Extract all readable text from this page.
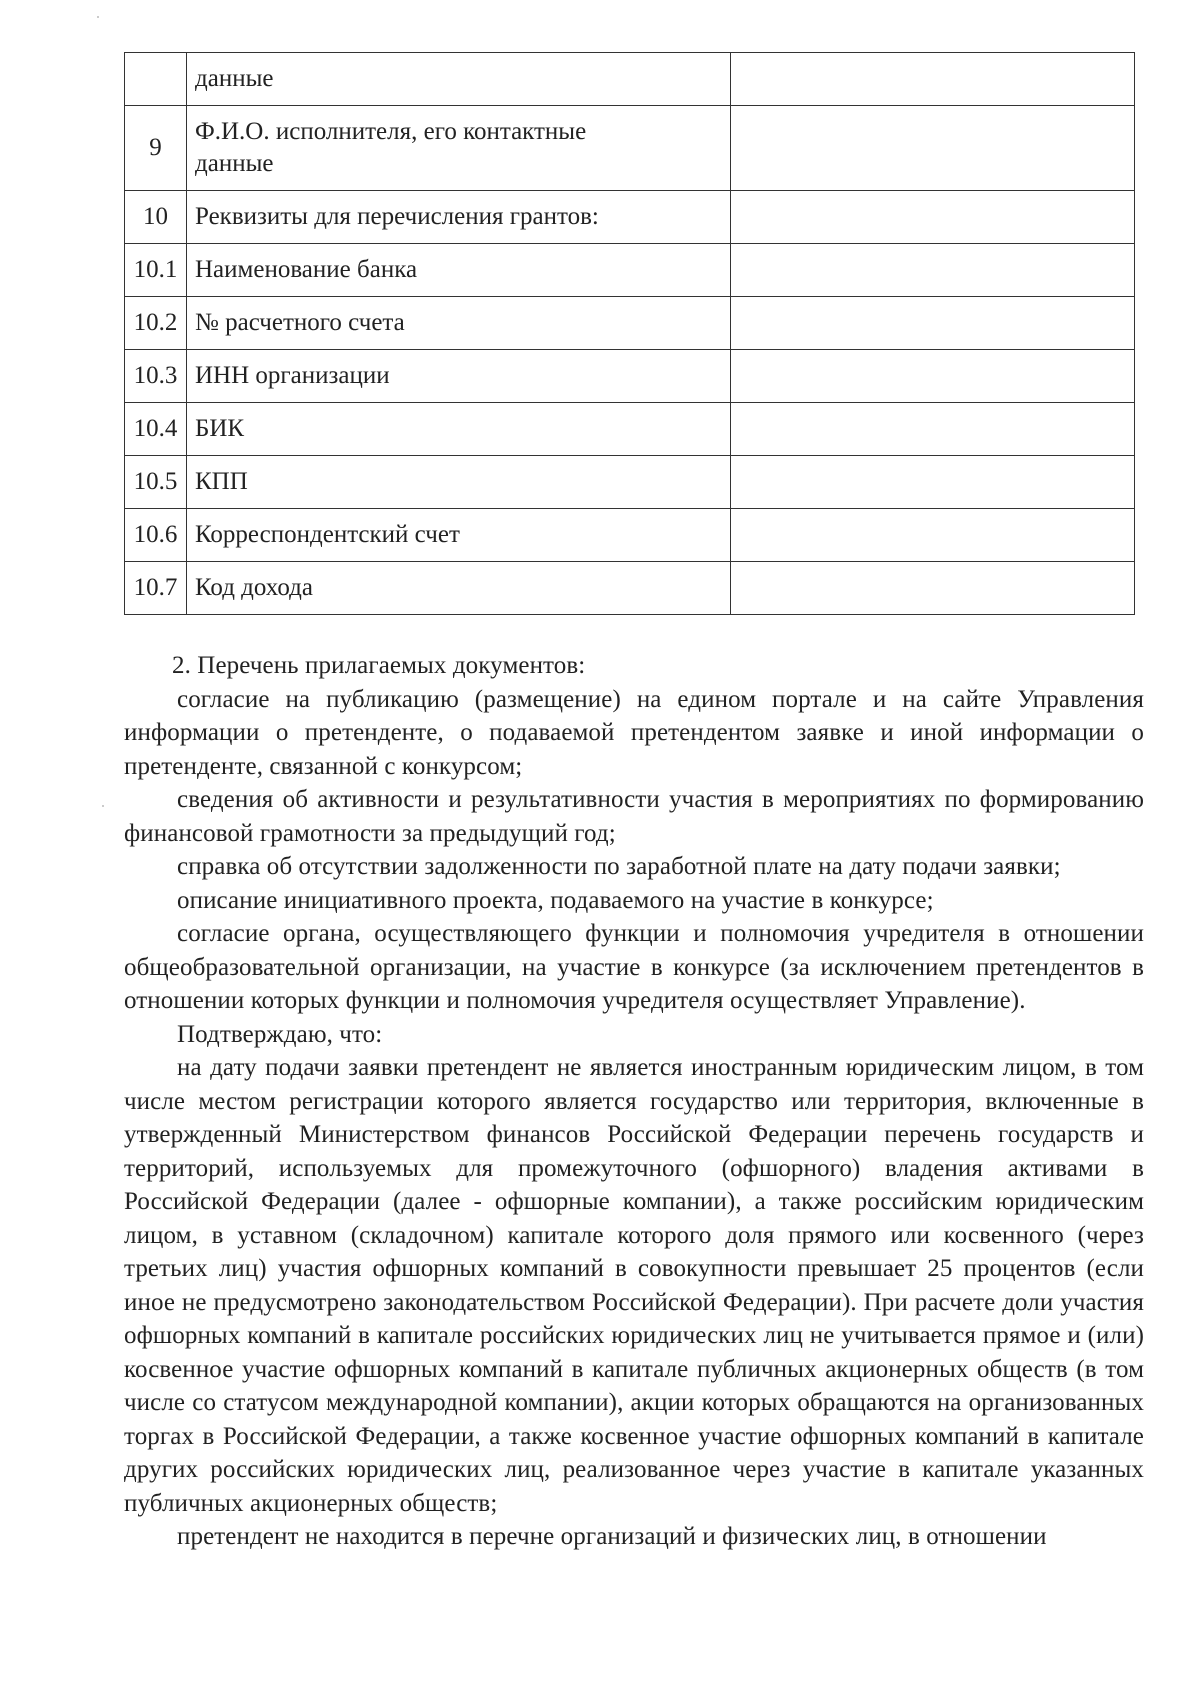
	данные	
9	Ф.И.О. исполнителя, его контактные
данные	
10	Реквизиты для перечисления грантов:	
10.1	Наименование банка	
10.2	№ расчетного счета	
10.3	ИНН организации	
10.4	БИК	
10.5	КПП	
10.6	Корреспондентский счет	
10.7	Код дохода	

2. Перечень прилагаемых документов:

согласие на публикацию (размещение) на едином портале и на сайте Управления информации о претенденте, о подаваемой претендентом заявке и иной информации о претенденте, связанной с конкурсом;

сведения об активности и результативности участия в мероприятиях по формированию финансовой грамотности за предыдущий год;

справка об отсутствии задолженности по заработной плате на дату подачи заявки;

описание инициативного проекта, подаваемого на участие в конкурсе;

согласие органа, осуществляющего функции и полномочия учредителя в отношении общеобразовательной организации, на участие в конкурсе (за исключением претендентов в отношении которых функции и полномочия учредителя осуществляет Управление).

Подтверждаю, что:

на дату подачи заявки претендент не является иностранным юридическим лицом, в том числе местом регистрации которого является государство или территория, включенные в утвержденный Министерством финансов Российской Федерации перечень государств и территорий, используемых для промежуточного (офшорного) владения активами в Российской Федерации (далее - офшорные компании), а также российским юридическим лицом, в уставном (складочном) капитале которого доля прямого или косвенного (через третьих лиц) участия офшорных компаний в совокупности превышает 25 процентов (если иное не предусмотрено законодательством Российской Федерации). При расчете доли участия офшорных компаний в капитале российских юридических лиц не учитывается прямое и (или) косвенное участие офшорных компаний в капитале публичных акционерных обществ (в том числе со статусом международной компании), акции которых обращаются на организованных торгах в Российской Федерации, а также косвенное участие офшорных компаний в капитале других российских юридических лиц, реализованное через участие в капитале указанных публичных акционерных обществ;

претендент не находится в перечне организаций и физических лиц, в отношении
